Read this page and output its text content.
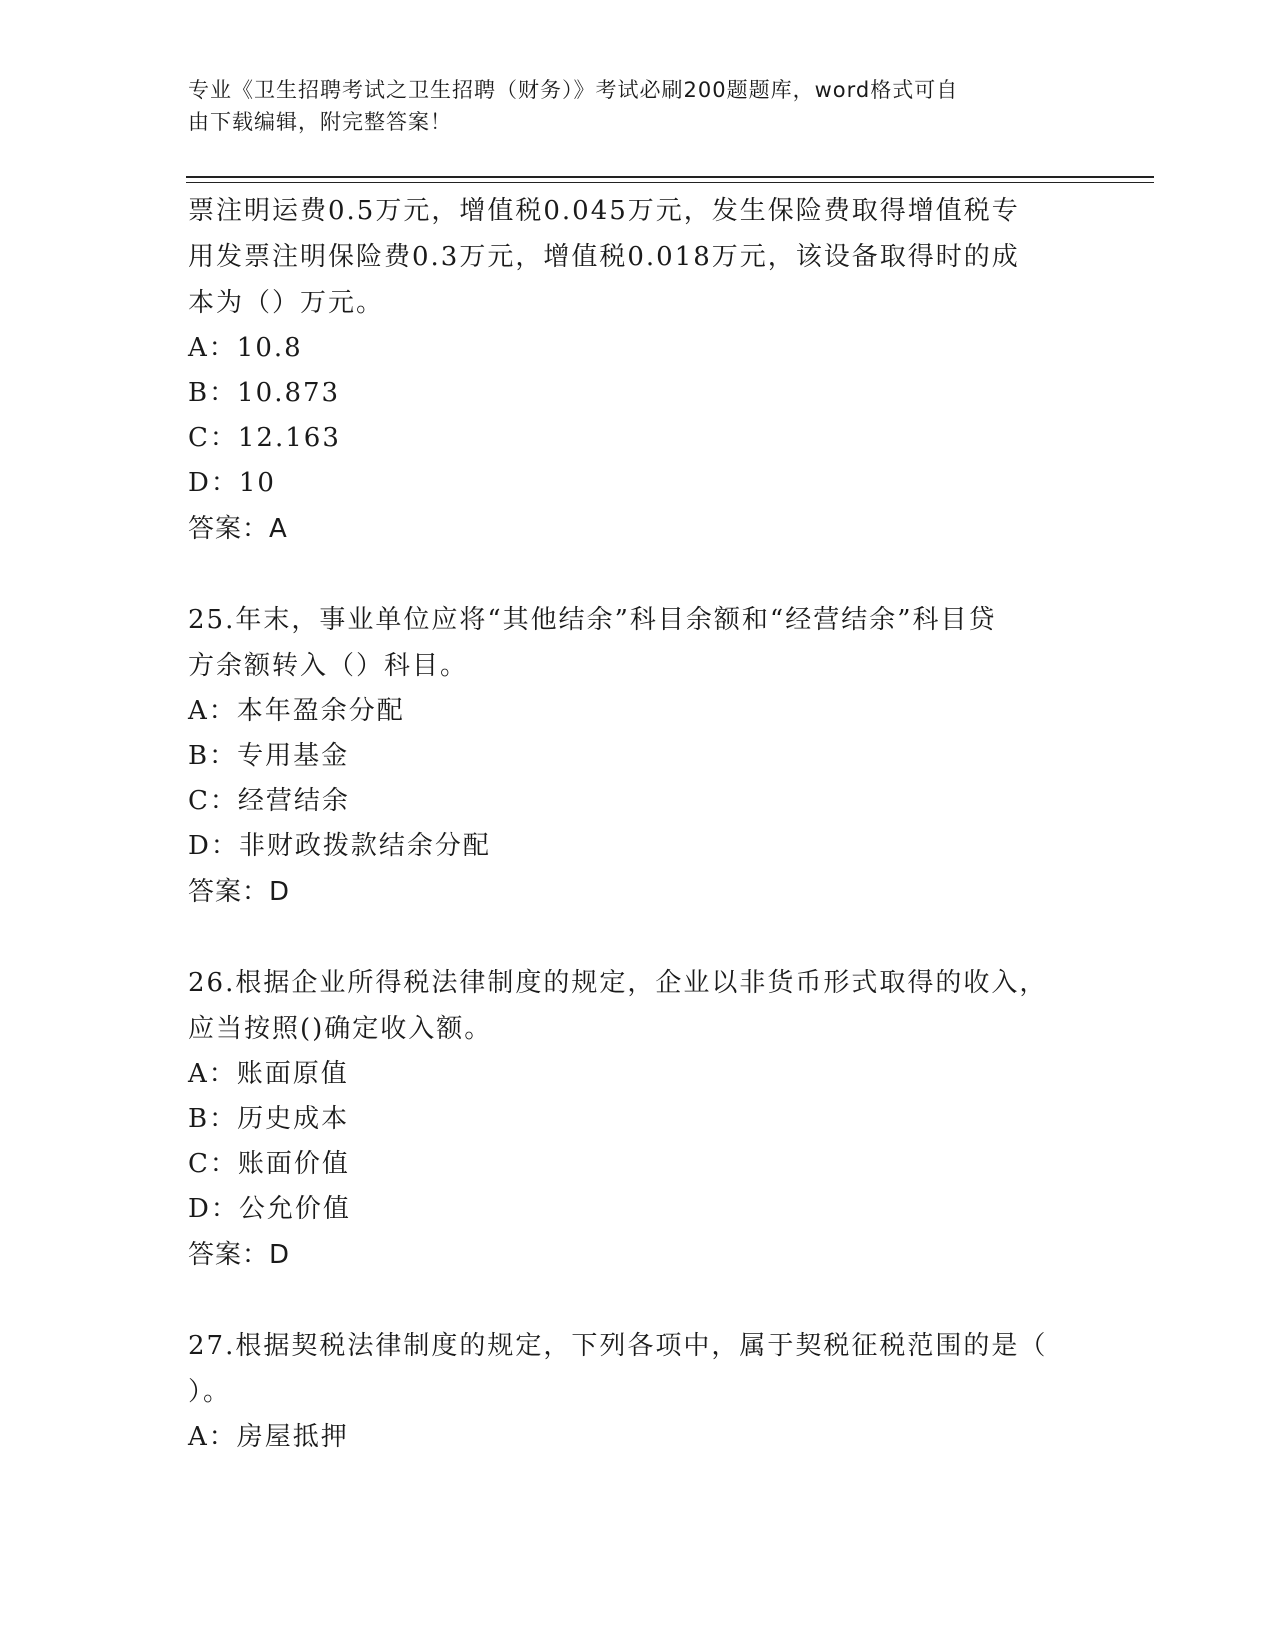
专业《卫生招聘考试之卫生招聘（财务）》考试必刷200题题库，word格式可自
由下载编辑，附完整答案！
票注明运费0.5万元，增值税0.045万元，发生保险费取得增值税专
用发票注明保险费0.3万元，增值税0.018万元，该设备取得时的成
本为（）万元。
A：10.8
B：10.873
C：12.163
D：10
答案：A
25.年末，事业单位应将“其他结余”科目余额和“经营结余”科目贷
方余额转入（）科目。
A：本年盈余分配
B：专用基金
C：经营结余
D：非财政拨款结余分配
答案：D
26.根据企业所得税法律制度的规定，企业以非货币形式取得的收入，
应当按照()确定收入额。
A：账面原值
B：历史成本
C：账面价值
D：公允价值
答案：D
27.根据契税法律制度的规定，下列各项中，属于契税征税范围的是（
）。
A：房屋抵押
